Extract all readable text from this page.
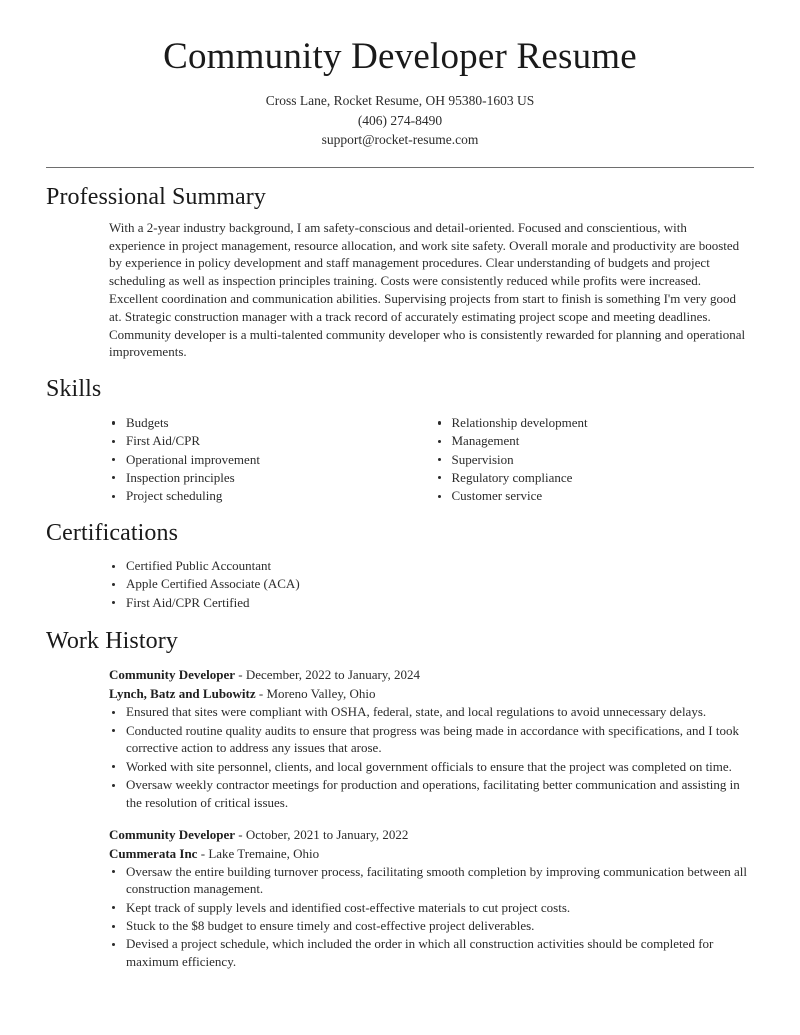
Community Developer Resume

Cross Lane, Rocket Resume, OH 95380-1603 US

(406) 274-8490

support@rocket-resume.com

Professional Summary

With a 2-year industry background, I am safety-conscious and detail-oriented. Focused and conscientious, with experience in project management, resource allocation, and work site safety. Overall morale and productivity are boosted by experience in policy development and staff management procedures. Clear understanding of budgets and project scheduling as well as inspection principles training. Costs were consistently reduced while profits were increased. Excellent coordination and communication abilities. Supervising projects from start to finish is something I'm very good at. Strategic construction manager with a track record of accurately estimating project scope and meeting deadlines. Community developer is a multi-talented community developer who is consistently rewarded for planning and operational improvements.

Skills
Budgets
First Aid/CPR
Operational improvement
Inspection principles
Project scheduling
Relationship development
Management
Supervision
Regulatory compliance
Customer service
Certifications
Certified Public Accountant
Apple Certified Associate (ACA)
First Aid/CPR Certified
Work History

Community Developer - December, 2022 to January, 2024

Lynch, Batz and Lubowitz - Moreno Valley, Ohio

Ensured that sites were compliant with OSHA, federal, state, and local regulations to avoid unnecessary delays.
Conducted routine quality audits to ensure that progress was being made in accordance with specifications, and I took corrective action to address any issues that arose.
Worked with site personnel, clients, and local government officials to ensure that the project was completed on time.
Oversaw weekly contractor meetings for production and operations, facilitating better communication and assisting in the resolution of critical issues.

Community Developer - October, 2021 to January, 2022

Cummerata Inc - Lake Tremaine, Ohio

Oversaw the entire building turnover process, facilitating smooth completion by improving communication between all construction management.
Kept track of supply levels and identified cost-effective materials to cut project costs.
Stuck to the $8 budget to ensure timely and cost-effective project deliverables.
Devised a project schedule, which included the order in which all construction activities should be completed for maximum efficiency.
